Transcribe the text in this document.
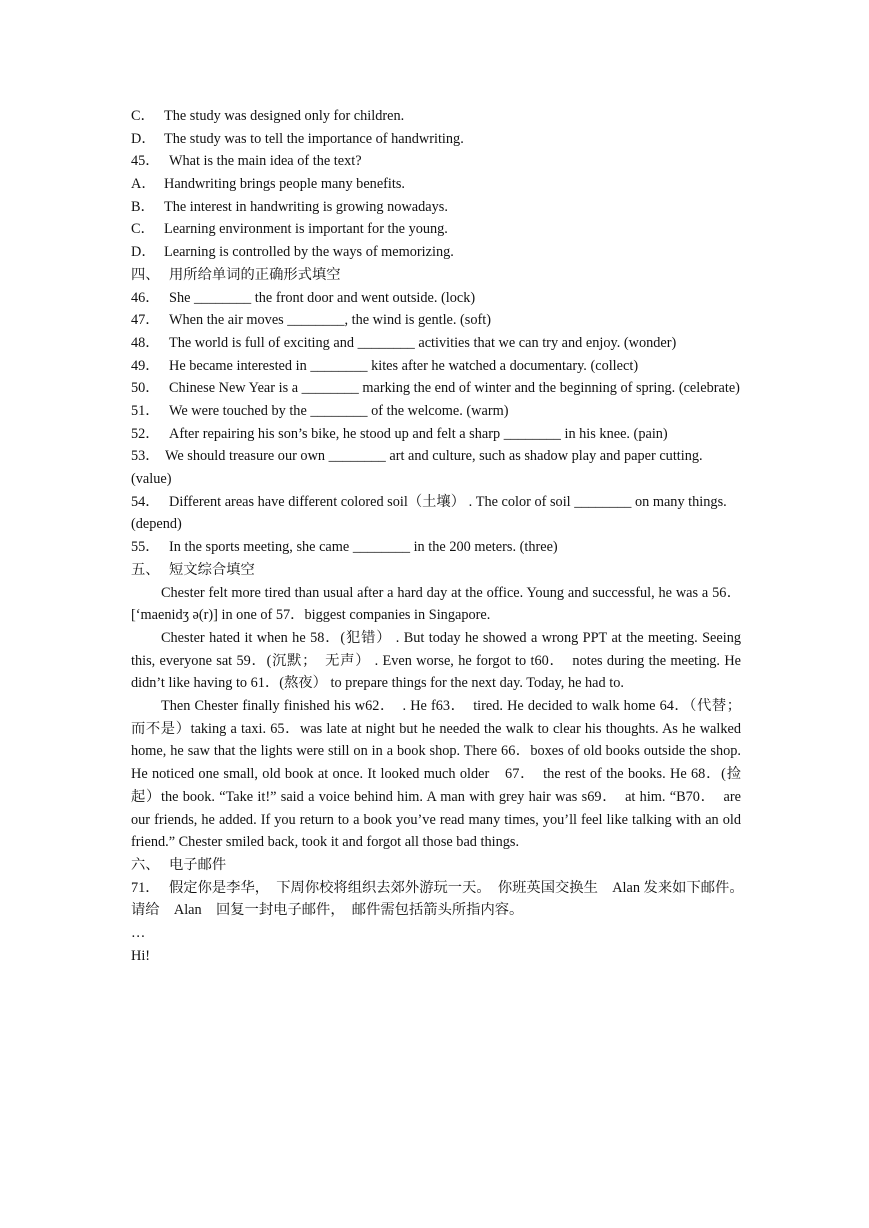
C． The study was designed only for children.
D． The study was to tell the importance of handwriting.
45． What is the main idea of the text?
A． Handwriting brings people many benefits.
B． The interest in handwriting is growing nowadays.
C． Learning environment is important for the young.
D． Learning is controlled by the ways of memorizing.
四、 用所给单词的正确形式填空
46． She ________ the front door and went outside. (lock)
47． When the air moves ________, the wind is gentle. (soft)
48． The world is full of exciting and ________ activities that we can try and enjoy. (wonder)
49． He became interested in ________ kites after he watched a documentary. (collect)
50． Chinese New Year is a ________ marking the end of winter and the beginning of spring. (celebrate)
51． We were touched by the ________ of the welcome. (warm)
52． After repairing his son’s bike, he stood up and felt a sharp ________ in his knee. (pain)
53． We should treasure our own ________ art and culture, such as shadow play and paper cutting. (value)
54． Different areas have different colored soil（土壤） . The color of soil ________ on many things. (depend)
55． In the sports meeting, she came ________ in the 200 meters. (three)
五、 短文综合填空
Chester felt more tired than usual after a hard day at the office. Young and successful, he was a 56．[‘maenidʒ ə(r)] in one of 57．biggest companies in Singapore.
Chester hated it when he 58．(犯错） . But today he showed a wrong PPT at the meeting. Seeing this, everyone sat 59．(沉默；　无声） . Even worse, he forgot to t60．　notes during the meeting. He didn’t like having to 61．(熬夜） to prepare things for the next day. Today, he had to.
Then Chester finally finished his w62．　. He f63．　tired. He decided to walk home 64．（代替；而不是）taking a taxi. 65．was late at night but he needed the walk to clear his thoughts. As he walked home, he saw that the lights were still on in a book shop. There 66．boxes of old books outside the shop. He noticed one small, old book at once. It looked much older　67．　the rest of the books. He 68．(捡起）the book. “Take it!” said a voice behind him. A man with grey hair was s69．　at him. “B70．　are our friends, he added. If you return to a book you’ve read many times, you’ll feel like talking with an old friend.” Chester smiled back, took it and forgot all those bad things.
六、 电子邮件
71． 假定你是李华，　下周你校将组织去郊外游玩一天。　你班英国交换生　Alan 发来如下邮件。　请给　Alan　回复一封电子邮件，　邮件需包括箭头所指内容。
…
Hi!
